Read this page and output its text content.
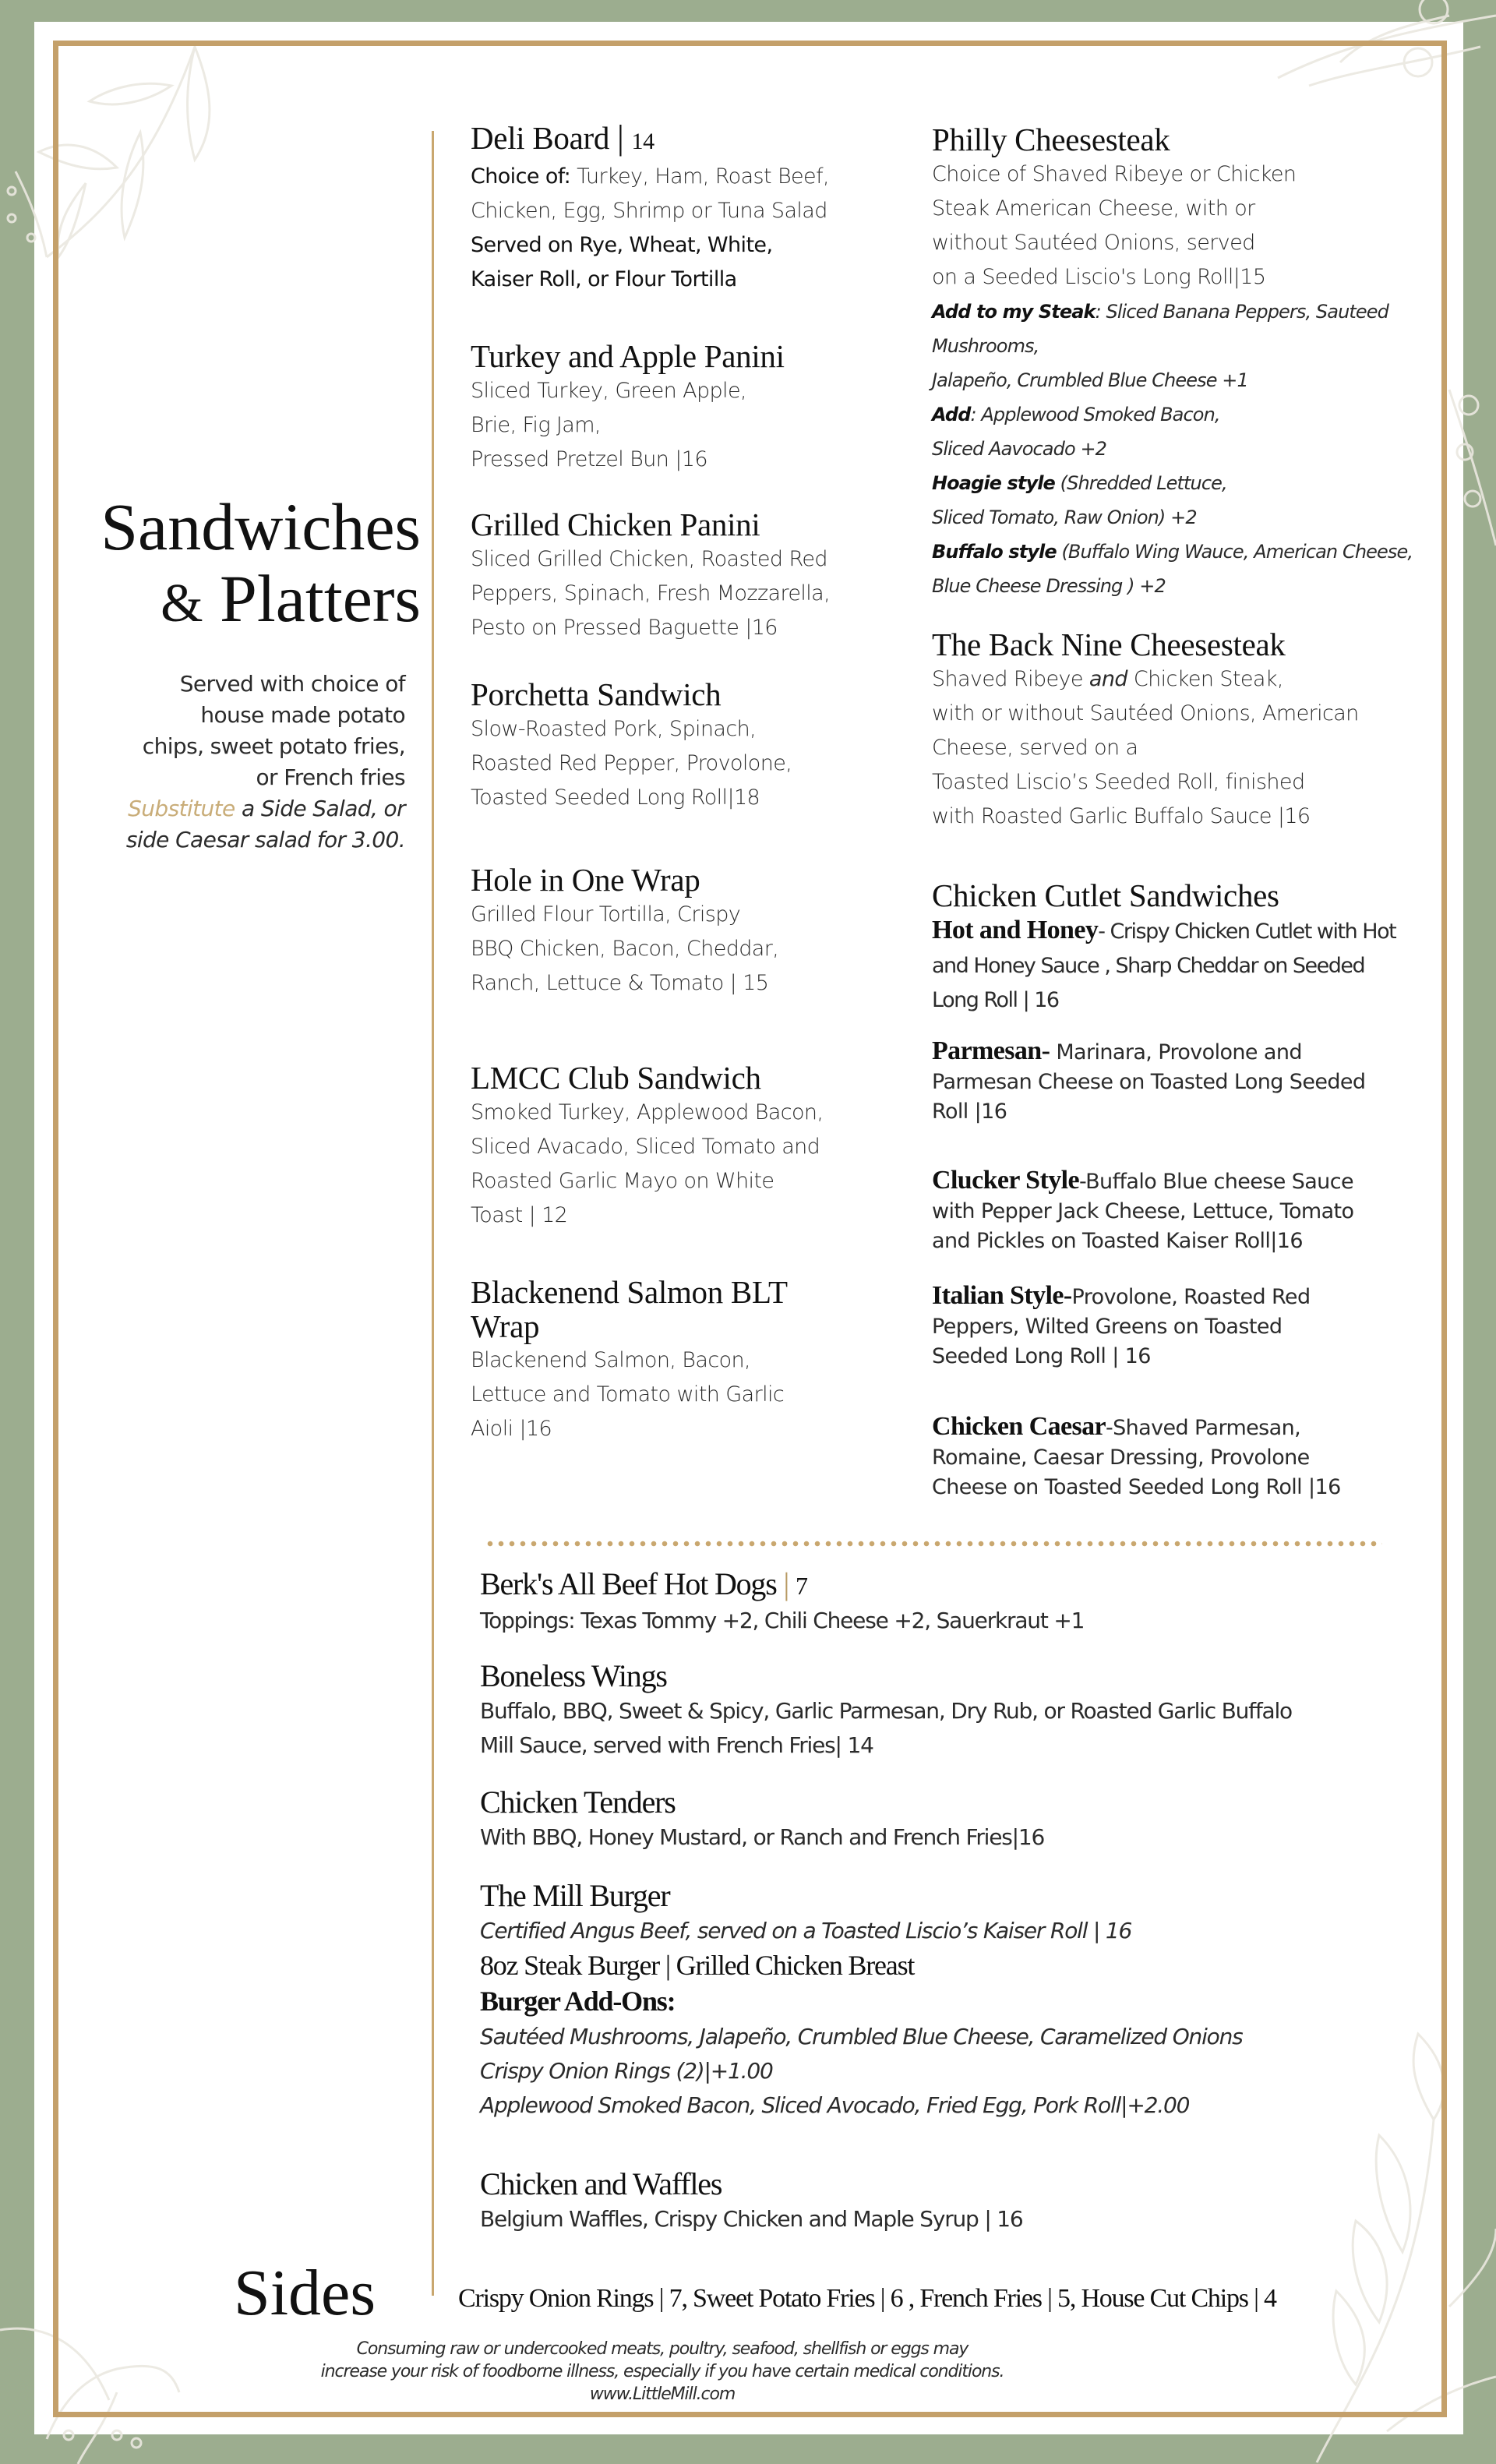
Sandwiches
& Platters
Served with choice of
house made potato
chips, sweet potato fries,
or French fries
Substitute a Side Salad, or
side Caesar salad for 3.00.
Deli Board | 14
Choice of: Turkey, Ham, Roast Beef,
Chicken, Egg, Shrimp or Tuna Salad
Served on Rye, Wheat, White,
Kaiser Roll, or Flour Tortilla
Turkey and Apple Panini
Sliced Turkey, Green Apple,
Brie, Fig Jam,
Pressed Pretzel Bun |16
Grilled Chicken Panini
Sliced Grilled Chicken, Roasted Red
Peppers, Spinach, Fresh Mozzarella,
Pesto on Pressed Baguette |16
Porchetta Sandwich
Slow-Roasted Pork, Spinach,
Roasted Red Pepper, Provolone,
Toasted Seeded Long Roll|18
Hole in One Wrap
Grilled Flour Tortilla, Crispy
BBQ Chicken, Bacon, Cheddar,
Ranch, Lettuce & Tomato | 15
LMCC Club Sandwich
Smoked Turkey, Applewood Bacon,
Sliced Avacado, Sliced Tomato and
Roasted Garlic Mayo on White
Toast | 12
Blackenend Salmon BLT
Wrap
Blackenend Salmon, Bacon,
Lettuce and Tomato with Garlic
Aioli |16
Philly Cheesesteak
Choice of Shaved Ribeye or Chicken
Steak American Cheese, with or
without Sautéed Onions, served
on a Seeded Liscio's Long Roll|15
Add to my Steak: Sliced Banana Peppers, Sauteed
Mushrooms,
Jalapeño, Crumbled Blue Cheese +1
Add: Applewood Smoked Bacon,
Sliced Aavocado +2
Hoagie style (Shredded Lettuce,
Sliced Tomato, Raw Onion) +2
Buffalo style (Buffalo Wing Wauce, American Cheese,
Blue Cheese Dressing ) +2
The Back Nine Cheesesteak
Shaved Ribeye and Chicken Steak,
with or without Sautéed Onions, American
Cheese, served on a
Toasted Liscio’s Seeded Roll, finished
with Roasted Garlic Buffalo Sauce |16
Chicken Cutlet Sandwiches
Hot and Honey- Crispy Chicken Cutlet with Hot
and Honey Sauce , Sharp Cheddar on Seeded
Long Roll | 16
Parmesan- Marinara, Provolone and
Parmesan Cheese on Toasted Long Seeded
Roll |16
Clucker Style-Buffalo Blue cheese Sauce
with Pepper Jack Cheese, Lettuce, Tomato
and Pickles on Toasted Kaiser Roll|16
Italian Style-Provolone, Roasted Red
Peppers, Wilted Greens on Toasted
Seeded Long Roll | 16
Chicken Caesar-Shaved Parmesan,
Romaine, Caesar Dressing, Provolone
Cheese on Toasted Seeded Long Roll |16
Berk's All Beef Hot Dogs | 7
Toppings: Texas Tommy +2, Chili Cheese +2, Sauerkraut +1
Boneless Wings
Buffalo, BBQ, Sweet & Spicy, Garlic Parmesan, Dry Rub, or Roasted Garlic Buffalo
Mill Sauce, served with French Fries| 14
Chicken Tenders
With BBQ, Honey Mustard, or Ranch and French Fries|16
The Mill Burger
Certified Angus Beef, served on a Toasted Liscio’s Kaiser Roll | 16
8oz Steak Burger | Grilled Chicken Breast
Burger Add-Ons:
Sautéed Mushrooms, Jalapeño, Crumbled Blue Cheese, Caramelized Onions
Crispy Onion Rings (2)|+1.00
Applewood Smoked Bacon, Sliced Avocado, Fried Egg, Pork Roll|+2.00
Chicken and Waffles
Belgium Waffles, Crispy Chicken and Maple Syrup | 16
Sides	Crispy Onion Rings | 7, Sweet Potato Fries | 6 , French Fries | 5, House Cut Chips | 4
Consuming raw or undercooked meats, poultry, seafood, shellfish or eggs may
increase your risk of foodborne illness, especially if you have certain medical conditions.
www.LittleMill.com
